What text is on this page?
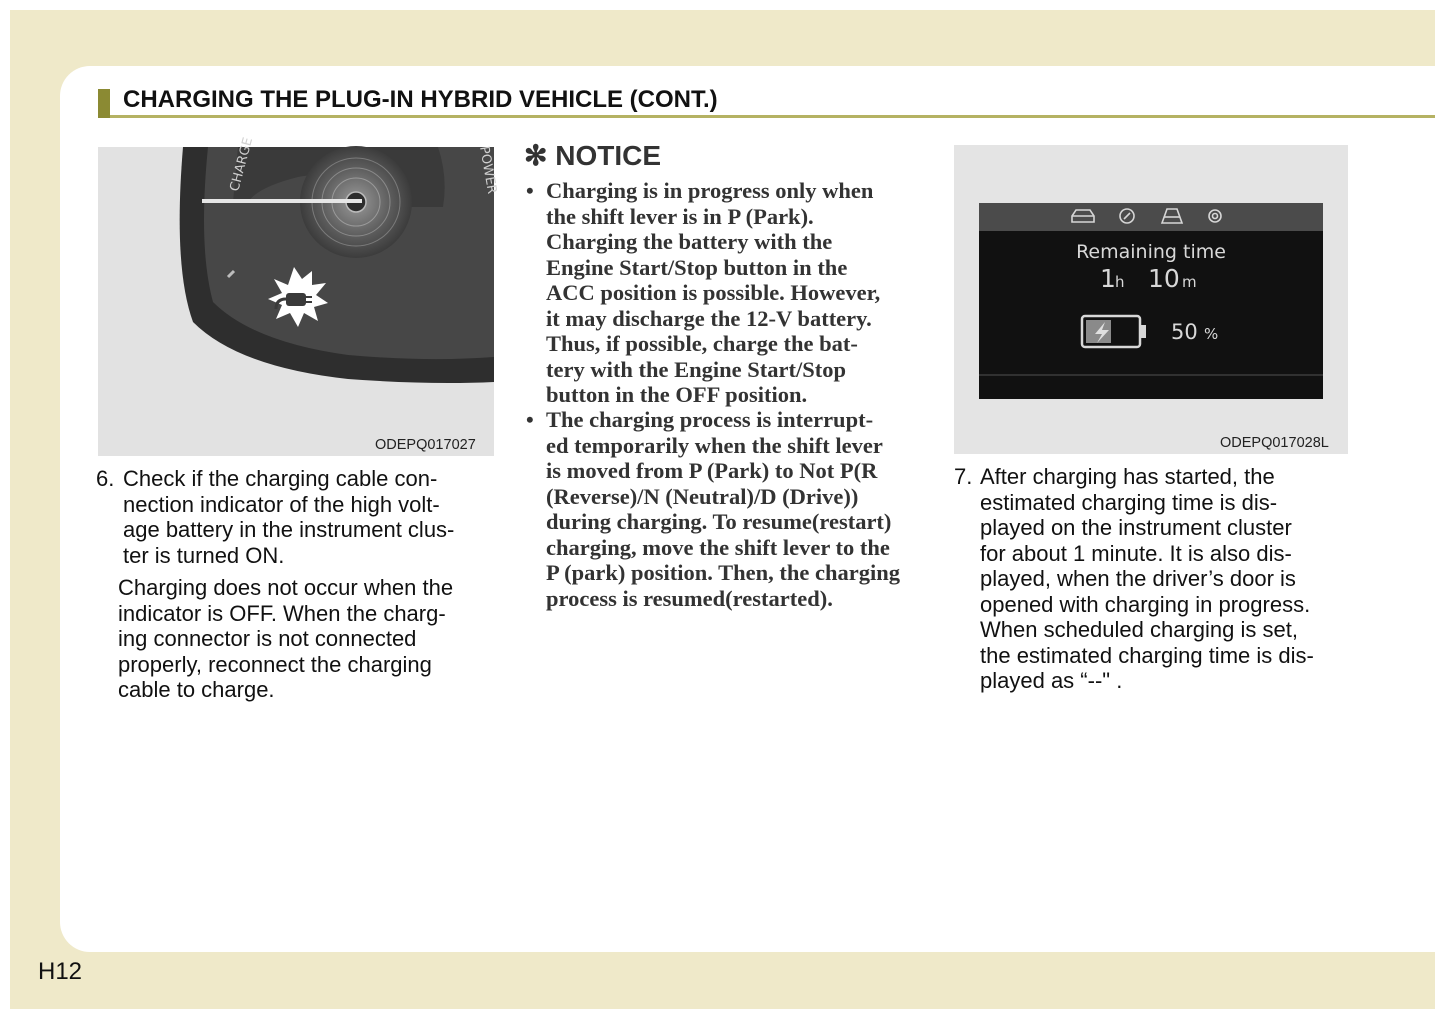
CHARGING THE PLUG-IN HYBRID VEHICLE (CONT.)
CHARGE	POWER
ODEPQ017027
Remaining time
1 h 10 m
50 %
ODEPQ017028L
6. Check if the charging cable con-
nection indicator of the high volt-
age battery in the instrument clus-
ter is turned ON.
Charging does not occur when the
indicator is OFF. When the charg-
ing connector is not connected
properly, reconnect the charging
cable to charge.
✻ NOTICE
• Charging is in progress only when
the shift lever is in P (Park).
Charging the battery with the
Engine Start/Stop button in the
ACC position is possible. However,
it may discharge the 12-V battery.
Thus, if possible, charge the bat-
tery with the Engine Start/Stop
button in the OFF position.
• The charging process is interrupt-
ed temporarily when the shift lever
is moved from P (Park) to Not P(R
(Reverse)/N (Neutral)/D (Drive))
during charging. To resume(restart)
charging, move the shift lever to the
P (park) position. Then, the charging
process is resumed(restarted).
7. After charging has started, the
estimated charging time is dis-
played on the instrument cluster
for about 1 minute. It is also dis-
played, when the driver’s door is
opened with charging in progress.
When scheduled charging is set,
the estimated charging time is dis-
played as “--" .
H12
